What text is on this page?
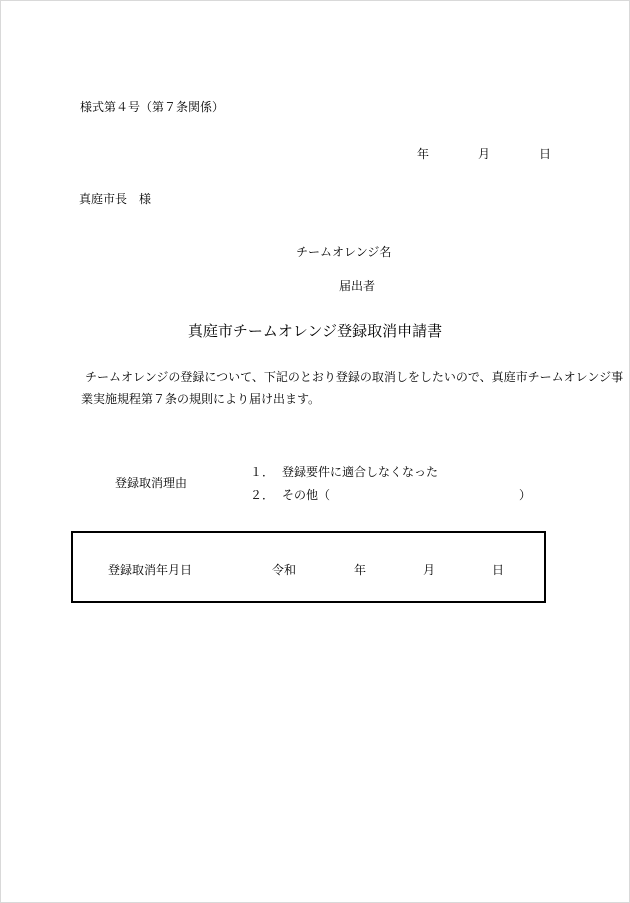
様式第４号（第７条関係）
年	月	日
真庭市長　様
チームオレンジ名
届出者
真庭市チームオレンジ登録取消申請書
チームオレンジの登録について、下記のとおり登録の取消しをしたいので、真庭市チームオレンジ事
業実施規程第７条の規則により届け出ます。
登録取消理由
１． 登録要件に適合しなくなった
２． その他（	）
登録取消年月日	令和	年	月	日
